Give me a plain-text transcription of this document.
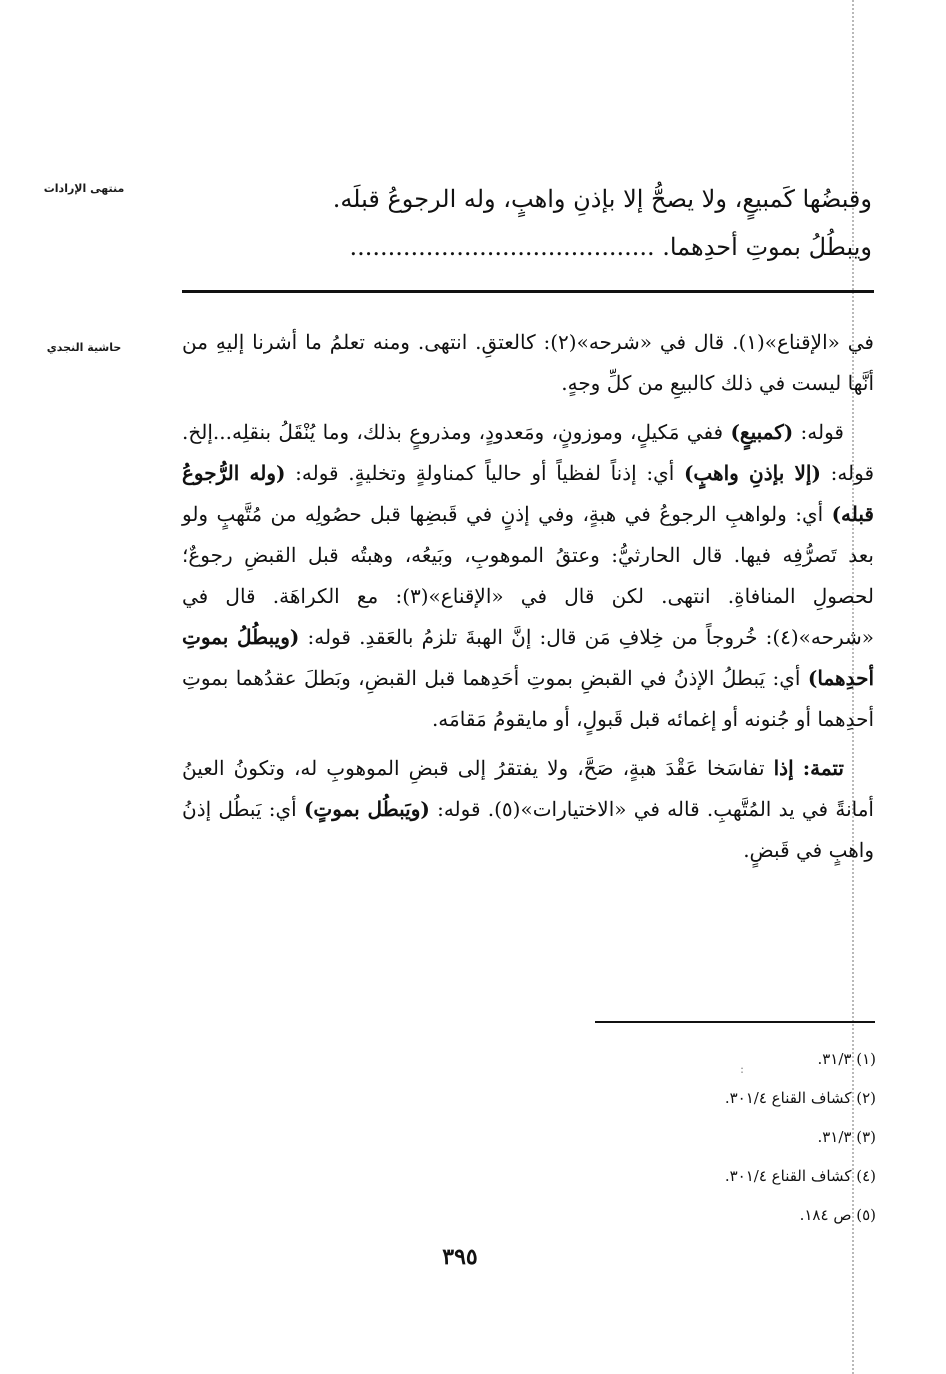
منتهى الإرادات
حاشية النجدي
وقبضُها كَمبيعٍ، ولا يصحُّ إلا بإذنِ واهبٍ، وله الرجوعُ قبلَه.
ويبطُلُ بموتِ أحدِهما. ........................................

في «الإقناع»(١). قال في «شرحه»(٢): كالعتقِ. انتهى. ومنه تعلمُ ما أشرنا إليهِ من أنَّها ليست في ذلك كالبيعِ من كلِّ وجهٍ.

قوله: (كمبيعٍ) ففي مَكيلٍ، وموزونٍ، ومَعدودٍ، ومذروعٍ بذلك، وما يُنْقَلُ بنقلِه...إلخ. قوله: (إلا بإذنِ واهبٍ) أي: إذناً لفظياً أو حالياً كمناولةٍ وتخليةٍ. قوله: (وله الرُّجوعُ قبله) أي: ولواهبِ الرجوعُ في هبةٍ، وفي إذنٍ في قَبضِها قبل حصُولِه من مُتَّهبٍ ولو بعد تَصرُّفِه فيها. قال الحارثيُّ: وعتقُ الموهوبِ، وبَيعُه، وهبتُه قبل القبضِ رجوعٌ؛ لحصولِ المنافاةِ. انتهى. لكن قال في «الإقناع»(٣): مع الكراهَة. قال في «شرحه»(٤): خُروجاً من خِلافِ مَن قال: إنَّ الهبةَ تلزمُ بالعَقدِ. قوله: (ويبطُلُ بموتِ أحدِهما) أي: يَبطلُ الإذنُ في القبضِ بموتِ أحَدِهما قبل القبضِ، وبَطلَ عقدُهما بموتِ أحدِهما أو جُنونه أو إغمائه قبل قَبولٍ، أو مايقومُ مَقامَه.

تتمة: إذا تفاسَخا عَقْدَ هبةٍ، صَحَّ، ولا يفتقرُ إلى قبضِ الموهوبِ له، وتكونُ العينُ أمانةً في يد المُتَّهبِ. قاله في «الاختيارات»(٥). قوله: (ويَبطُل بموتٍ) أي: يَبطُل إذنُ واهبٍ في قَبضٍ.

:
(١) ٣١/٣.
(٢) كشاف القناع ٣٠١/٤.
(٣) ٣١/٣.
(٤) كشاف القناع ٣٠١/٤.
(٥) ص ١٨٤.
٣٩٥
